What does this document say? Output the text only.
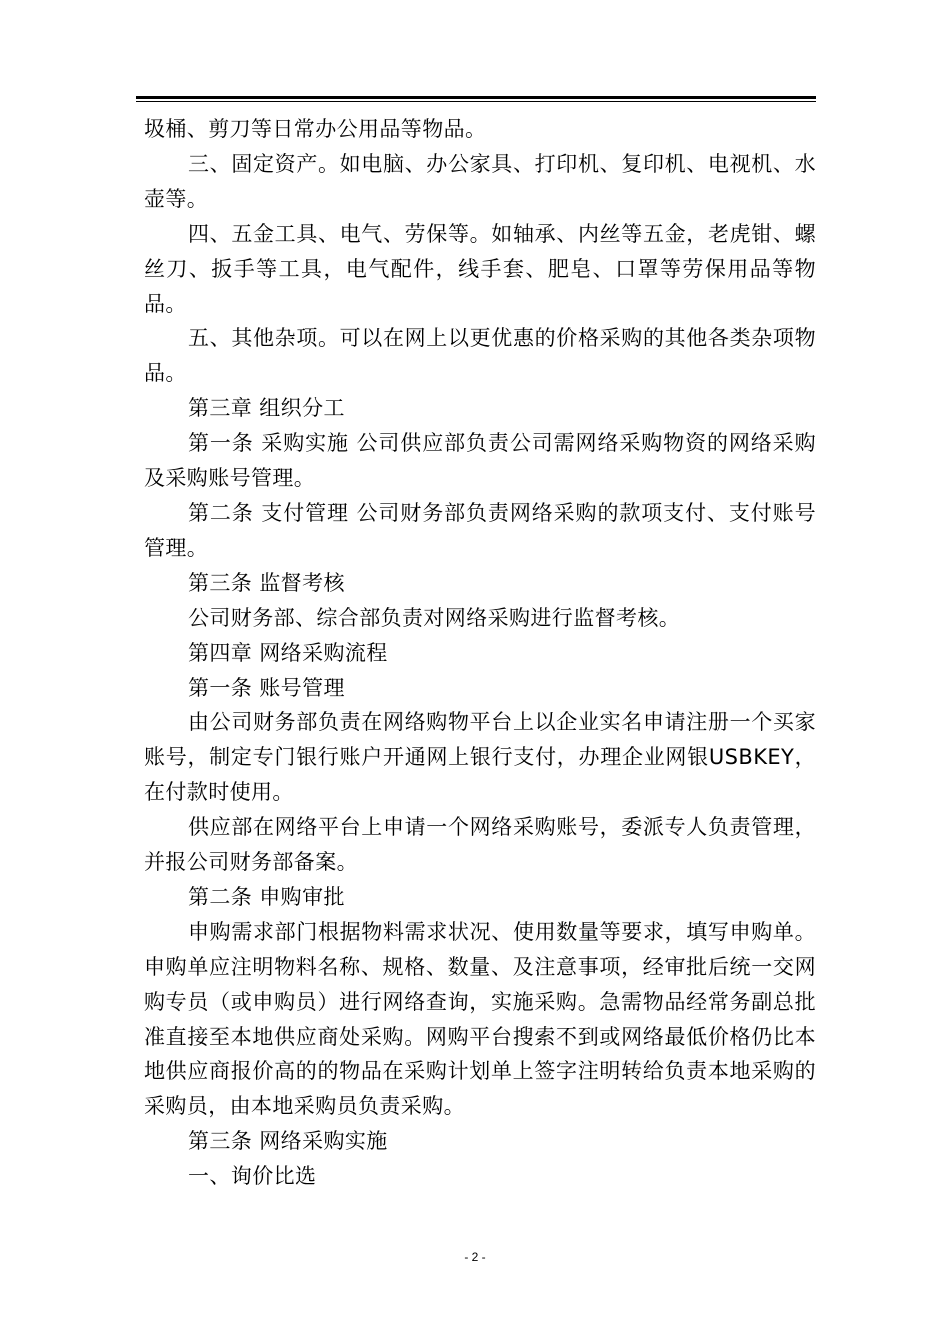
圾桶、剪刀等日常办公用品等物品。

三、固定资产。如电脑、办公家具、打印机、复印机、电视机、水壶等。

四、五金工具、电气、劳保等。如轴承、内丝等五金，老虎钳、螺丝刀、扳手等工具，电气配件，线手套、肥皂、口罩等劳保用品等物品。

五、其他杂项。可以在网上以更优惠的价格采购的其他各类杂项物品。

第三章 组织分工

第一条 采购实施 公司供应部负责公司需网络采购物资的网络采购及采购账号管理。

第二条 支付管理 公司财务部负责网络采购的款项支付、支付账号管理。

第三条 监督考核

公司财务部、综合部负责对网络采购进行监督考核。

第四章 网络采购流程

第一条 账号管理

由公司财务部负责在网络购物平台上以企业实名申请注册一个买家账号，制定专门银行账户开通网上银行支付，办理企业网银USBKEY，在付款时使用。

供应部在网络平台上申请一个网络采购账号，委派专人负责管理，并报公司财务部备案。

第二条 申购审批

申购需求部门根据物料需求状况、使用数量等要求，填写申购单。申购单应注明物料名称、规格、数量、及注意事项，经审批后统一交网购专员（或申购员）进行网络查询，实施采购。急需物品经常务副总批准直接至本地供应商处采购。网购平台搜索不到或网络最低价格仍比本地供应商报价高的的物品在采购计划单上签字注明转给负责本地采购的采购员，由本地采购员负责采购。

第三条 网络采购实施

一、询价比选

- 2 -
